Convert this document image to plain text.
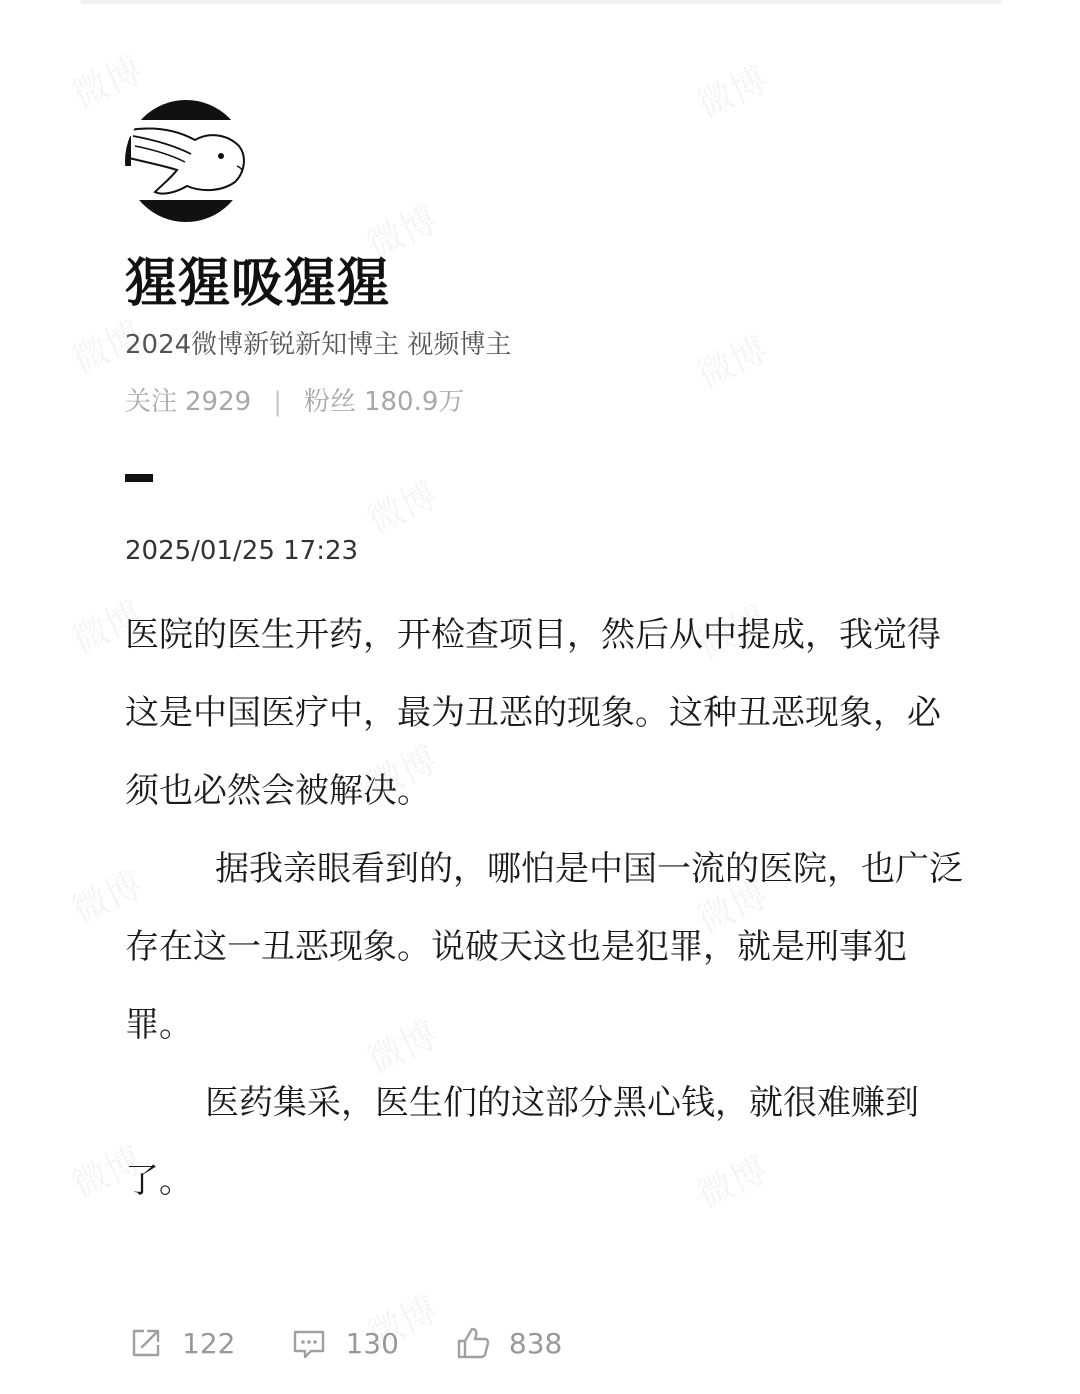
猩猩吸猩猩
2024微博新锐新知博主 视频博主
关注 2929 | 粉丝 180.9万
2025/01/25 17:23

医院的医生开药，开检查项目，然后从中提成，我觉得这是中国医疗中，最为丑恶的现象。这种丑恶现象，必须也必然会被解决。

据我亲眼看到的，哪怕是中国一流的医院，也广泛存在这一丑恶现象。说破天这也是犯罪，就是刑事犯罪。

医药集采，医生们的这部分黑心钱，就很难赚到了。

122	130	838
